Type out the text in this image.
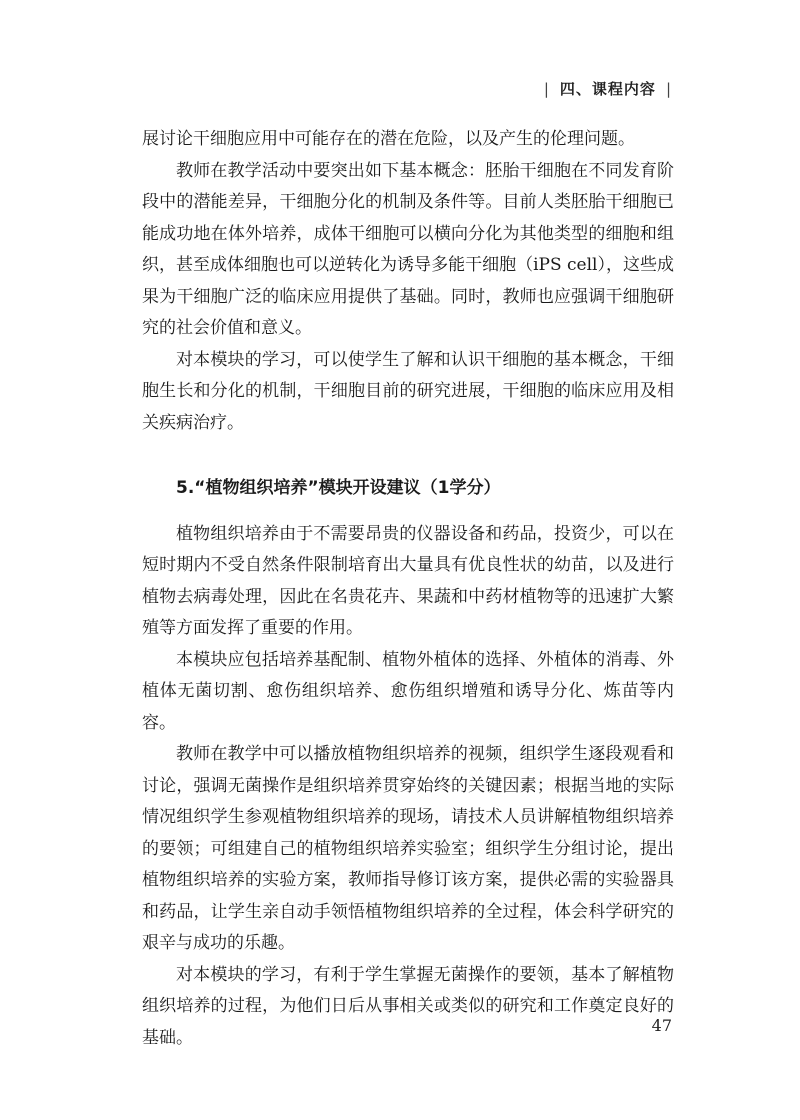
| 四、课程内容 |

展讨论干细胞应用中可能存在的潜在危险，以及产生的伦理问题。

教师在教学活动中要突出如下基本概念：胚胎干细胞在不同发育阶段中的潜能差异，干细胞分化的机制及条件等。目前人类胚胎干细胞已能成功地在体外培养，成体干细胞可以横向分化为其他类型的细胞和组织，甚至成体细胞也可以逆转化为诱导多能干细胞（iPS cell），这些成果为干细胞广泛的临床应用提供了基础。同时，教师也应强调干细胞研究的社会价值和意义。

对本模块的学习，可以使学生了解和认识干细胞的基本概念，干细胞生长和分化的机制，干细胞目前的研究进展，干细胞的临床应用及相关疾病治疗。

5.“植物组织培养”模块开设建议（1学分）

植物组织培养由于不需要昂贵的仪器设备和药品，投资少，可以在短时期内不受自然条件限制培育出大量具有优良性状的幼苗，以及进行植物去病毒处理，因此在名贵花卉、果蔬和中药材植物等的迅速扩大繁殖等方面发挥了重要的作用。

本模块应包括培养基配制、植物外植体的选择、外植体的消毒、外植体无菌切割、愈伤组织培养、愈伤组织增殖和诱导分化、炼苗等内容。

教师在教学中可以播放植物组织培养的视频，组织学生逐段观看和讨论，强调无菌操作是组织培养贯穿始终的关键因素；根据当地的实际情况组织学生参观植物组织培养的现场，请技术人员讲解植物组织培养的要领；可组建自己的植物组织培养实验室；组织学生分组讨论，提出植物组织培养的实验方案，教师指导修订该方案，提供必需的实验器具和药品，让学生亲自动手领悟植物组织培养的全过程，体会科学研究的艰辛与成功的乐趣。

对本模块的学习，有利于学生掌握无菌操作的要领，基本了解植物组织培养的过程，为他们日后从事相关或类似的研究和工作奠定良好的基础。

47
